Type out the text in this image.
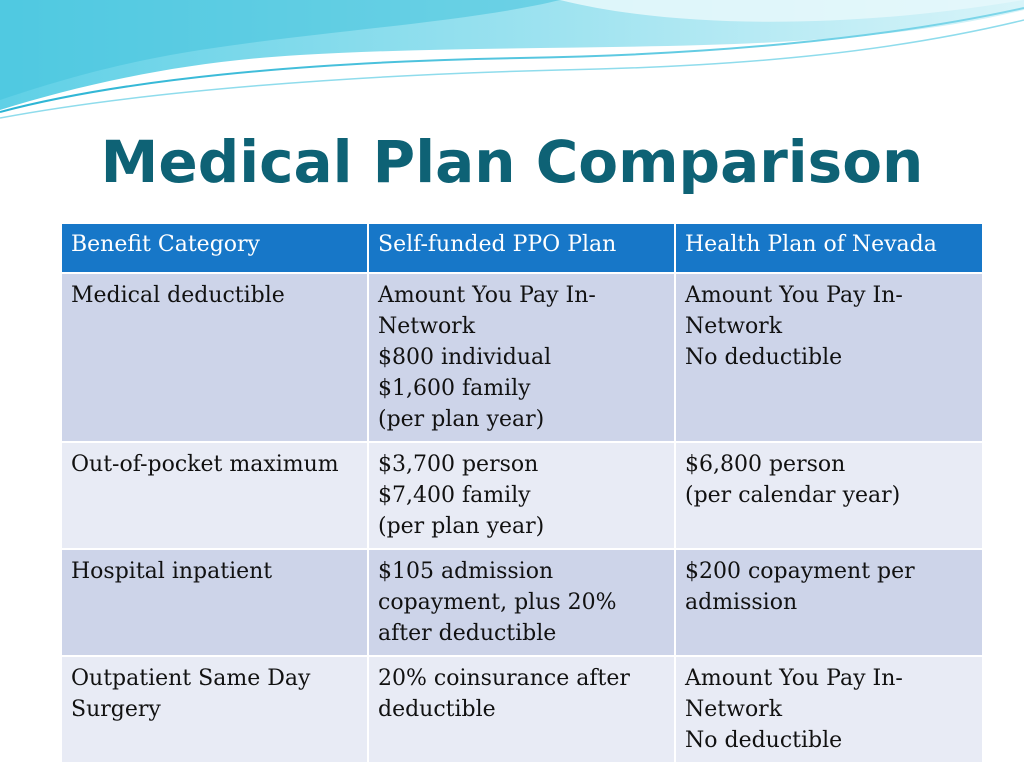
Medical Plan Comparison
Benefit Category	Self-funded PPO Plan	Health Plan of Nevada

Medical deductible	Amount You Pay In-
Network
$800 individual
$1,600 family
(per plan year)	Amount You Pay In-
Network
No deductible

Out-of-pocket maximum	$3,700 person
$7,400 family
(per plan year)	$6,800 person
(per calendar year)

Hospital inpatient	$105 admission
copayment, plus 20%
after deductible	$200 copayment per
admission

Outpatient Same Day
Surgery	20% coinsurance after
deductible	Amount You Pay In-
Network
No deductible
